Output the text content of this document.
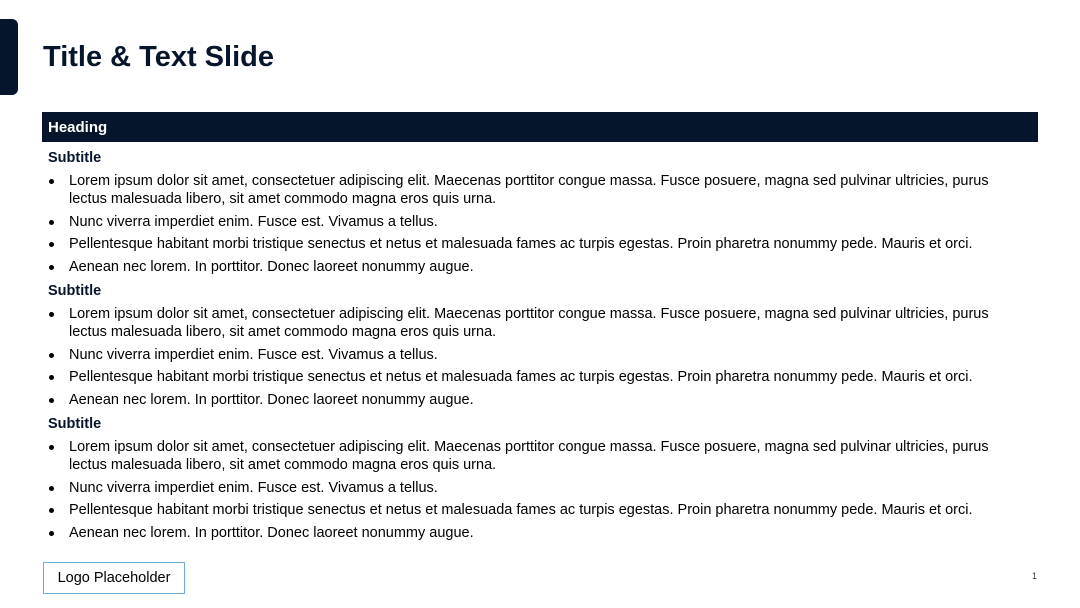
Title & Text Slide
Heading
Subtitle
Lorem ipsum dolor sit amet, consectetuer adipiscing elit. Maecenas porttitor congue massa. Fusce posuere, magna sed pulvinar ultricies, purus lectus malesuada libero, sit amet commodo magna eros quis urna.
Nunc viverra imperdiet enim. Fusce est. Vivamus a tellus.
Pellentesque habitant morbi tristique senectus et netus et malesuada fames ac turpis egestas. Proin pharetra nonummy pede. Mauris et orci.
Aenean nec lorem. In porttitor. Donec laoreet nonummy augue.
Subtitle
Lorem ipsum dolor sit amet, consectetuer adipiscing elit. Maecenas porttitor congue massa. Fusce posuere, magna sed pulvinar ultricies, purus lectus malesuada libero, sit amet commodo magna eros quis urna.
Nunc viverra imperdiet enim. Fusce est. Vivamus a tellus.
Pellentesque habitant morbi tristique senectus et netus et malesuada fames ac turpis egestas. Proin pharetra nonummy pede. Mauris et orci.
Aenean nec lorem. In porttitor. Donec laoreet nonummy augue.
Subtitle
Lorem ipsum dolor sit amet, consectetuer adipiscing elit. Maecenas porttitor congue massa. Fusce posuere, magna sed pulvinar ultricies, purus lectus malesuada libero, sit amet commodo magna eros quis urna.
Nunc viverra imperdiet enim. Fusce est. Vivamus a tellus.
Pellentesque habitant morbi tristique senectus et netus et malesuada fames ac turpis egestas. Proin pharetra nonummy pede. Mauris et orci.
Aenean nec lorem. In porttitor. Donec laoreet nonummy augue.
Logo Placeholder	1
